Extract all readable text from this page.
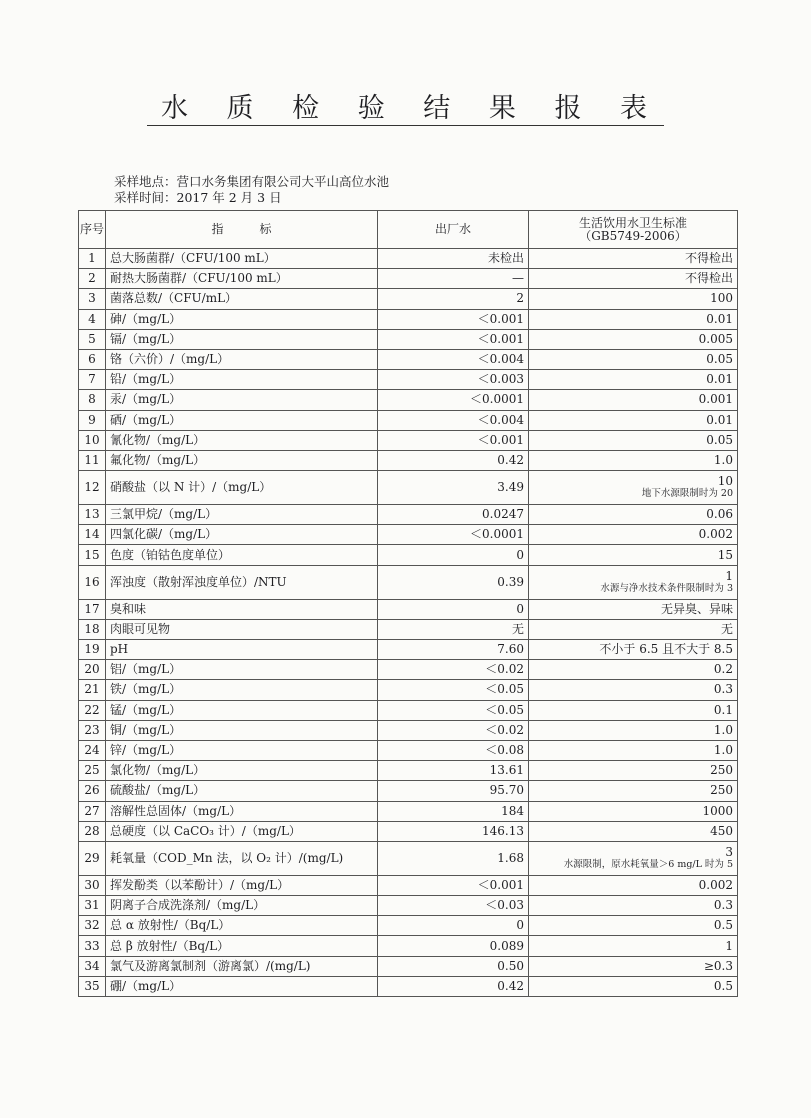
水 质 检 验 结 果 报 表
采样地点：营口水务集团有限公司大平山高位水池
采样时间：2017 年 2 月 3 日
序号	指　　　标	出厂水	生活饮用水卫生标准
（GB5749-2006）

1	总大肠菌群/（CFU/100 mL）	未检出	不得检出
2	耐热大肠菌群/（CFU/100 mL）	—	不得检出
3	菌落总数/（CFU/mL）	2	100
4	砷/（mg/L）	＜0.001	0.01
5	镉/（mg/L）	＜0.001	0.005
6	铬（六价）/（mg/L）	＜0.004	0.05
7	铅/（mg/L）	＜0.003	0.01
8	汞/（mg/L）	＜0.0001	0.001
9	硒/（mg/L）	＜0.004	0.01
10	氰化物/（mg/L）	＜0.001	0.05
11	氟化物/（mg/L）	0.42	1.0
12	硝酸盐（以 N 计）/（mg/L）	3.49	10
地下水源限制时为 20

13	三氯甲烷/（mg/L）	0.0247	0.06
14	四氯化碳/（mg/L）	＜0.0001	0.002
15	色度（铂钴色度单位）	0	15
16	浑浊度（散射浑浊度单位）/NTU	0.39	1
水源与净水技术条件限制时为 3

17	臭和味	0	无异臭、异味
18	肉眼可见物	无	无
19	pH	7.60	不小于 6.5 且不大于 8.5
20	铝/（mg/L）	＜0.02	0.2
21	铁/（mg/L）	＜0.05	0.3
22	锰/（mg/L）	＜0.05	0.1
23	铜/（mg/L）	＜0.02	1.0
24	锌/（mg/L）	＜0.08	1.0
25	氯化物/（mg/L）	13.61	250
26	硫酸盐/（mg/L）	95.70	250
27	溶解性总固体/（mg/L）	184	1000
28	总硬度（以 CaCO₃ 计）/（mg/L）	146.13	450
29	耗氧量（COD_Mn 法，以 O₂ 计）/(mg/L)	1.68	3
水源限制，原水耗氧量＞6 mg/L 时为 5

30	挥发酚类（以苯酚计）/（mg/L）	＜0.001	0.002
31	阴离子合成洗涤剂/（mg/L）	＜0.03	0.3
32	总 α 放射性/（Bq/L）	0	0.5
33	总 β 放射性/（Bq/L）	0.089	1
34	氯气及游离氯制剂（游离氯）/(mg/L)	0.50	≥0.3
35	硼/（mg/L）	0.42	0.5
